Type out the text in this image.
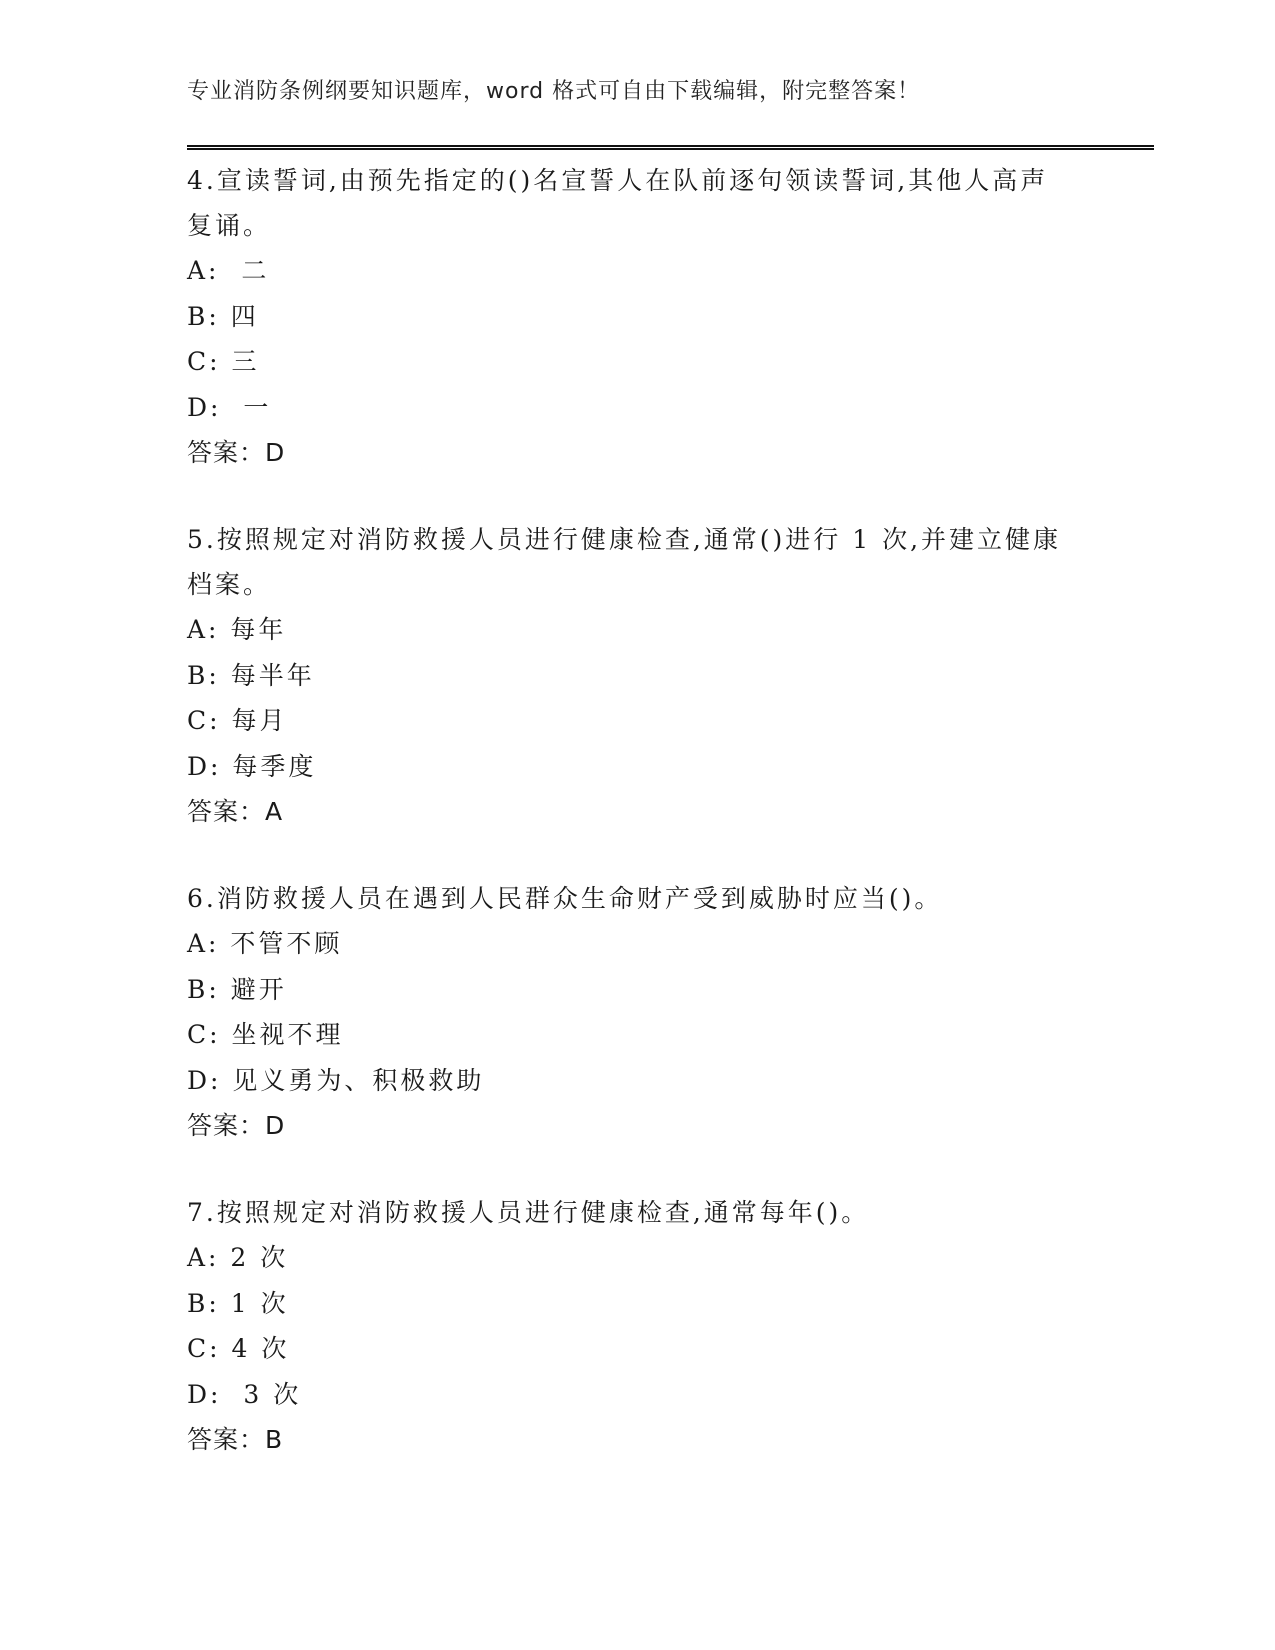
专业消防条例纲要知识题库，word 格式可自由下载编辑，附完整答案！
4.宣读誓词,由预先指定的()名宣誓人在队前逐句领读誓词,其他人高声复诵。
A:  二
B: 四
C: 三
D:  一
答案：D
5.按照规定对消防救援人员进行健康检查,通常()进行 1 次,并建立健康档案。
A: 每年
B: 每半年
C: 每月
D: 每季度
答案：A
6.消防救援人员在遇到人民群众生命财产受到威胁时应当()。
A: 不管不顾
B: 避开
C: 坐视不理
D: 见义勇为、积极救助
答案：D
7.按照规定对消防救援人员进行健康检查,通常每年()。
A: 2 次
B: 1 次
C: 4 次
D:  3 次
答案：B
